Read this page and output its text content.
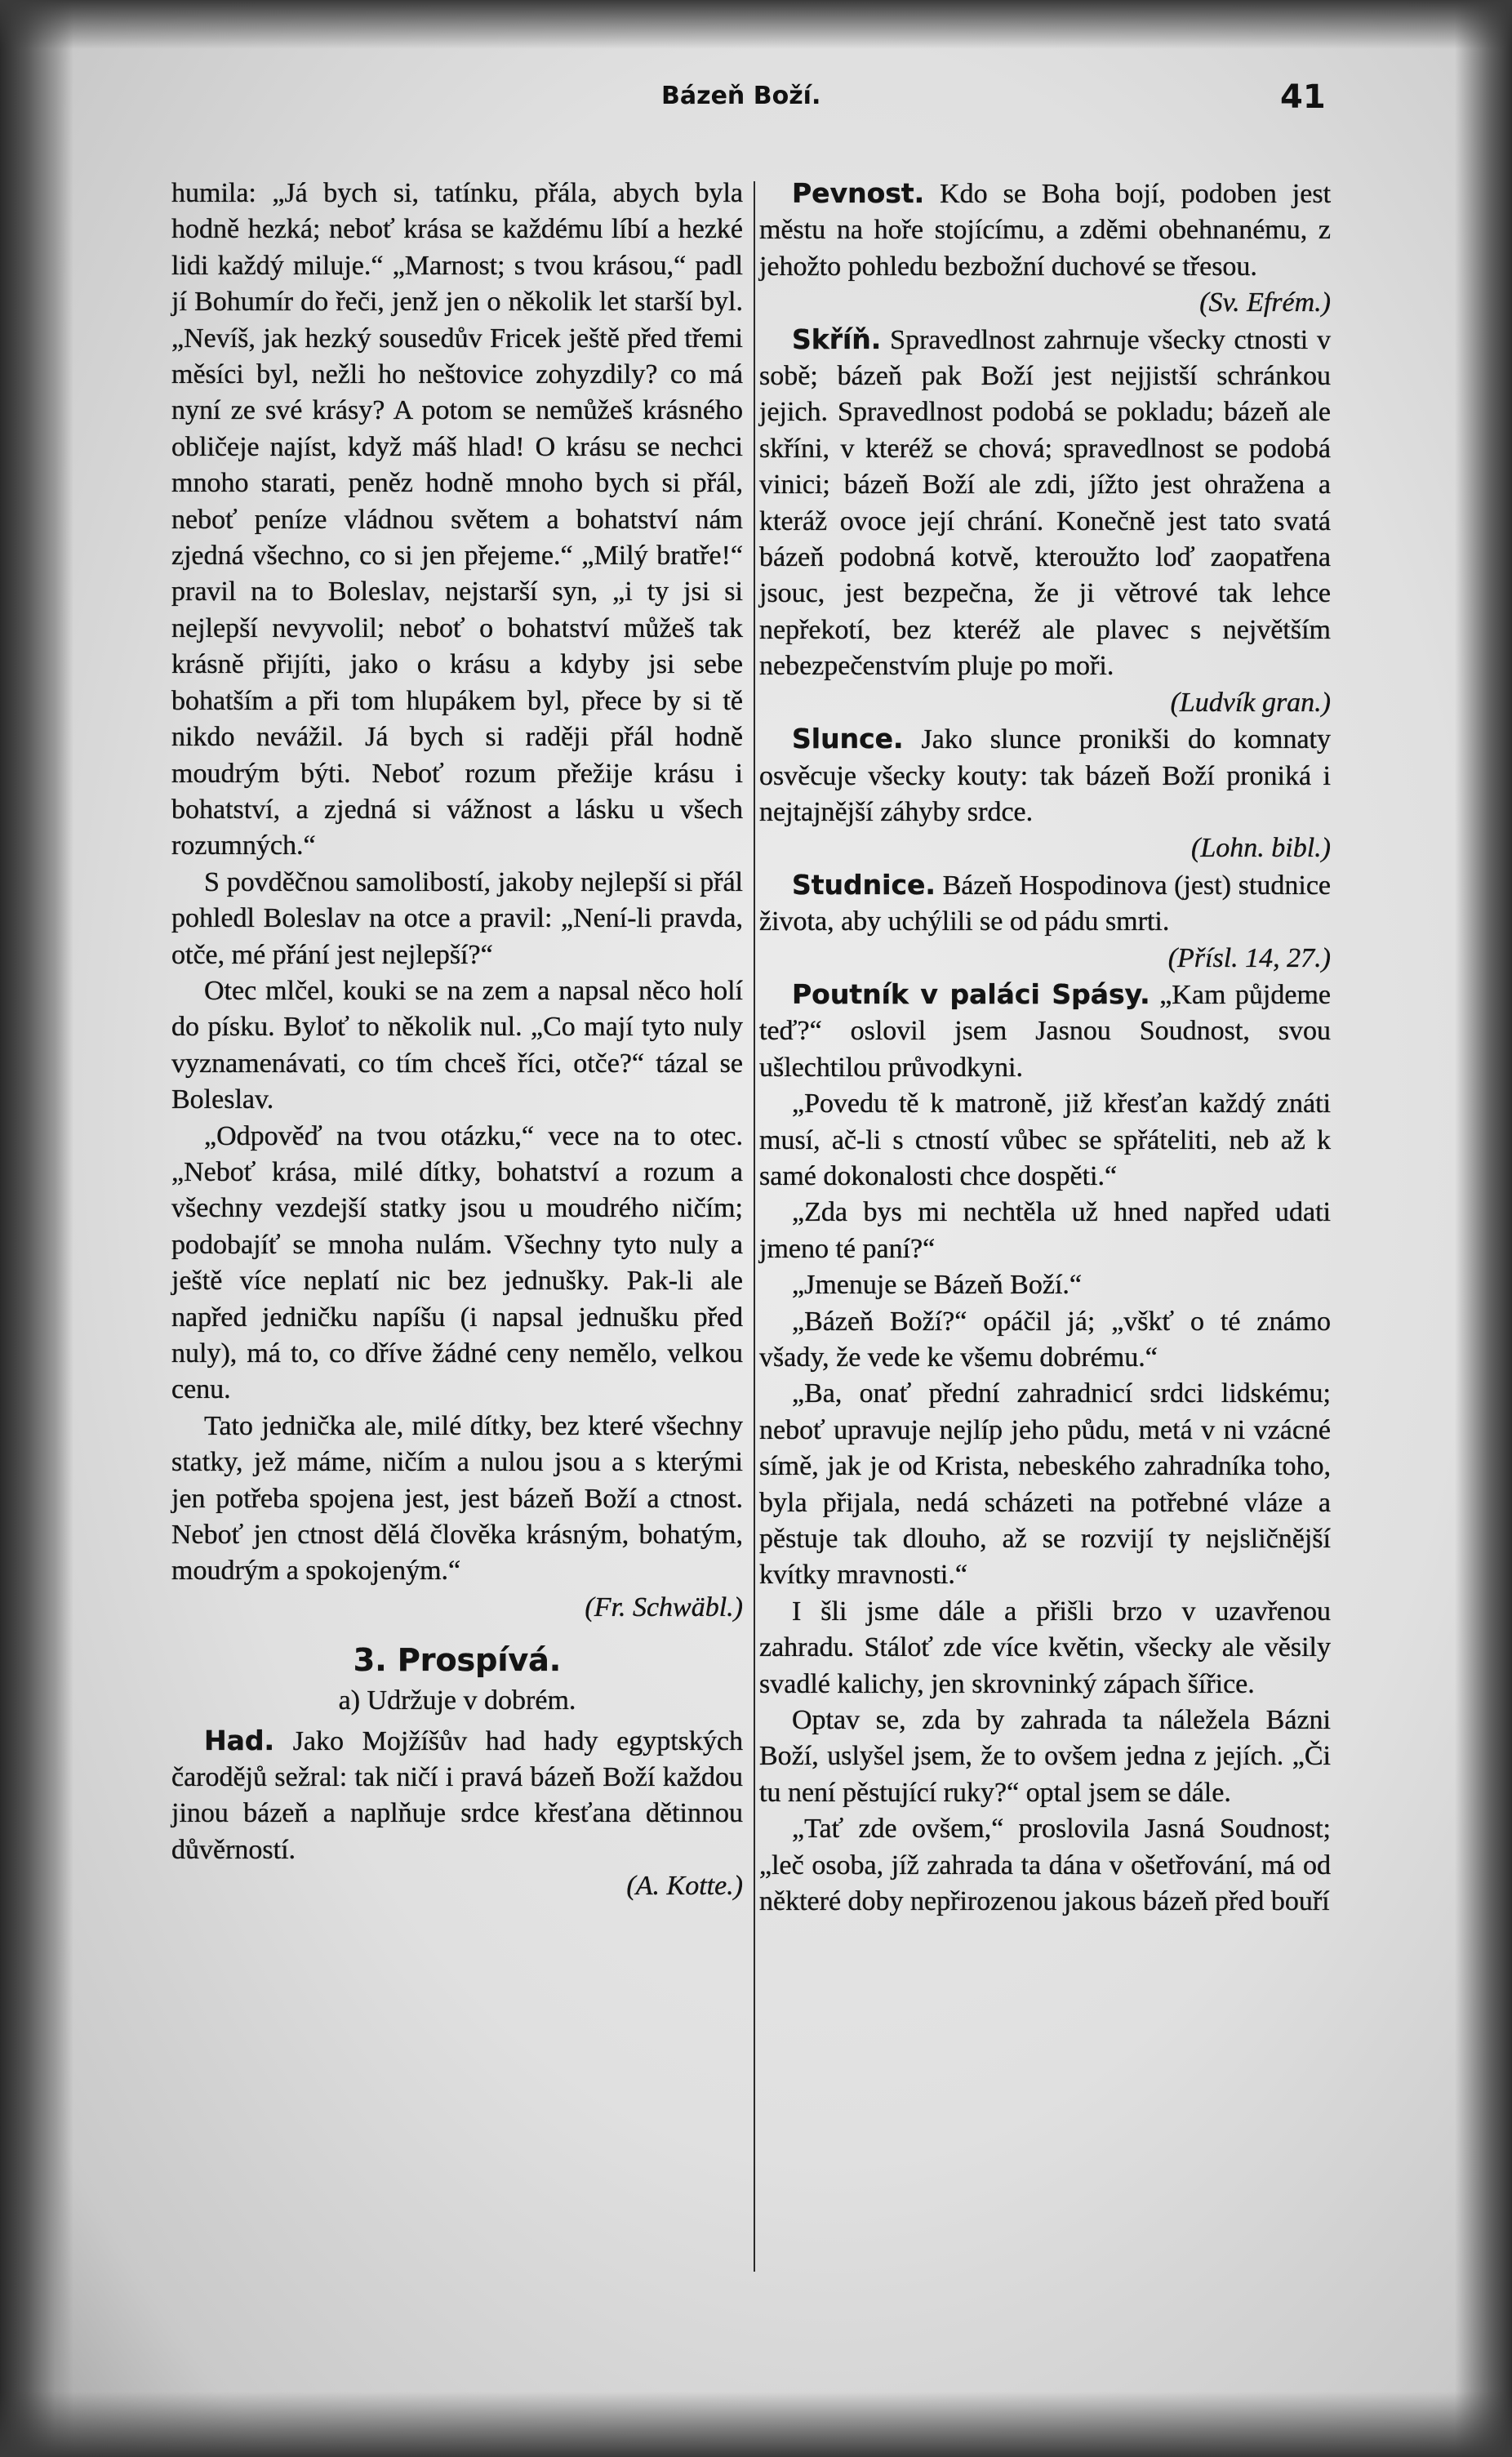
Bázeň Boží.	41

humila: „Já bych si, tatínku, přála, abych byla hodně hezká; neboť krása se každému líbí a hezké lidi každý miluje.“ „Marnost; s tvou krásou,“ padl jí Bohumír do řeči, jenž jen o několik let starší byl. „Nevíš, jak hezký sousedův Fricek ještě před třemi měsíci byl, nežli ho neštovice zohyzdily? co má nyní ze své krásy? A potom se nemůžeš krásného obličeje najíst, když máš hlad! O krásu se nechci mnoho starati, peněz hodně mnoho bych si přál, neboť peníze vládnou světem a bohatství nám zjedná všechno, co si jen přejeme.“ „Milý bratře!“ pravil na to Boleslav, nejstarší syn, „i ty jsi si nejlepší nevyvolil; neboť o bohatství můžeš tak krásně přijíti, jako o krásu a kdyby jsi sebe bohatším a při tom hlupákem byl, přece by si tě nikdo nevážil. Já bych si raději přál hodně moudrým býti. Neboť rozum přežije krásu i bohatství, a zjedná si vážnost a lásku u všech rozumných.“

S povděčnou samolibostí, jakoby nejlepší si přál pohledl Boleslav na otce a pravil: „Není-li pravda, otče, mé přání jest nejlepší?“

Otec mlčel, kouki se na zem a napsal něco holí do písku. Byloť to několik nul. „Co mají tyto nuly vyznamenávati, co tím chceš říci, otče?“ tázal se Boleslav.

„Odpověď na tvou otázku,“ vece na to otec. „Neboť krása, milé dítky, bohatství a rozum a všechny vezdejší statky jsou u moudrého ničím; podobajíť se mnoha nulám. Všechny tyto nuly a ještě více neplatí nic bez jednušky. Pak-li ale napřed jedničku napíšu (i napsal jednušku před nuly), má to, co dříve žádné ceny nemělo, velkou cenu.

Tato jednička ale, milé dítky, bez které všechny statky, jež máme, ničím a nulou jsou a s kterými jen potřeba spojena jest, jest bázeň Boží a ctnost. Neboť jen ctnost dělá člověka krásným, bohatým, moudrým a spokojeným.“

(Fr. Schwäbl.)

3. Prospívá.
a) Udržuje v dobrém.

Had. Jako Mojžíšův had hady egyptských čarodějů sežral: tak ničí i pravá bázeň Boží každou jinou bázeň a naplňuje srdce křesťana dětinnou důvěrností.

(A. Kotte.)

Pevnost. Kdo se Boha bojí, podoben jest městu na hoře stojícímu, a zděmi obehnanému, z jehožto pohledu bezbožní duchové se třesou.

(Sv. Efrém.)

Skříň. Spravedlnost zahrnuje všecky ctnosti v sobě; bázeň pak Boží jest nejjistší schránkou jejich. Spravedlnost podobá se pokladu; bázeň ale skříni, v kteréž se chová; spravedlnost se podobá vinici; bázeň Boží ale zdi, jížto jest ohražena a kteráž ovoce její chrání. Konečně jest tato svatá bázeň podobná kotvě, kteroužto loď zaopatřena jsouc, jest bezpečna, že ji větrové tak lehce nepřekotí, bez kteréž ale plavec s největším nebezpečenstvím pluje po moři.

(Ludvík gran.)

Slunce. Jako slunce pronikši do komnaty osvěcuje všecky kouty: tak bázeň Boží proniká i nejtajnější záhyby srdce.

(Lohn. bibl.)

Studnice. Bázeň Hospodinova (jest) studnice života, aby uchýlili se od pádu smrti.

(Přísl. 14, 27.)

Poutník v paláci Spásy. „Kam půjdeme teď?“ oslovil jsem Jasnou Soudnost, svou ušlechtilou průvodkyni.

„Povedu tě k matroně, již křesťan každý znáti musí, ač-li s ctností vůbec se spřáteliti, neb až k samé dokonalosti chce dospěti.“

„Zda bys mi nechtěla už hned napřed udati jmeno té paní?“

„Jmenuje se Bázeň Boží.“

„Bázeň Boží?“ opáčil já; „vškť o té známo všady, že vede ke všemu dobrému.“

„Ba, onať přední zahradnicí srdci lidskému; neboť upravuje nejlíp jeho půdu, metá v ni vzácné símě, jak je od Krista, nebeského zahradníka toho, byla přijala, nedá scházeti na potřebné vláze a pěstuje tak dlouho, až se rozvijí ty nejsličnější kvítky mravnosti.“

I šli jsme dále a přišli brzo v uzavřenou zahradu. Stáloť zde více květin, všecky ale věsily svadlé kalichy, jen skrovninký zápach šířice.

Optav se, zda by zahrada ta náležela Bázni Boží, uslyšel jsem, že to ovšem jedna z jejích. „Či tu není pěstující ruky?“ optal jsem se dále.

„Tať zde ovšem,“ proslovila Jasná Soudnost; „leč osoba, jíž zahrada ta dána v ošetřování, má od některé doby nepřirozenou jakous bázeň před bouří
